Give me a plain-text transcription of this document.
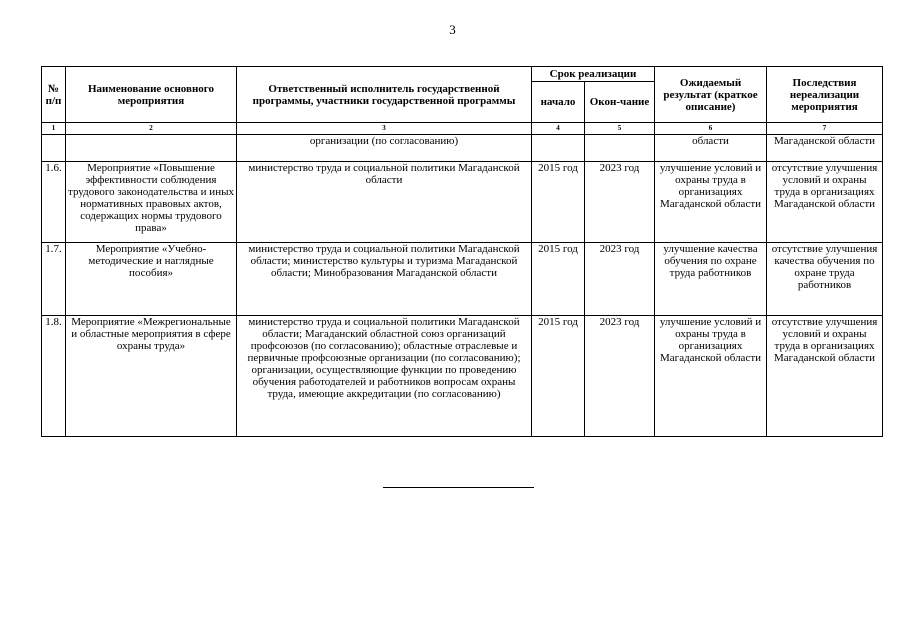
3
№ п/п	Наименование основного мероприятия	Ответственный исполнитель государственной программы, участники государственной программы	Срок реализации		Ожидаемый результат (краткое описание)	Последствия нереализации мероприятия
			начало	Окон-чание		
1	2	3	4	5	6	7
		организации (по согласованию)			области	Магаданской области
1.6.	Мероприятие «Повышение эффективности соблюдения трудового законодательства и иных нормативных правовых актов, содержащих нормы трудового права»	министерство труда и социальной политики Магаданской области	2015 год	2023 год	улучшение условий и охраны труда в организациях Магаданской области	отсутствие улучшения условий и охраны труда в организациях Магаданской области
1.7.	Мероприятие «Учебно-методические и наглядные пособия»	министерство труда и социальной политики Магаданской области; министерство культуры и туризма Магаданской области; Минобразования Магаданской области	2015 год	2023 год	улучшение качества обучения по охране труда работников	отсутствие улучшения качества обучения по охране труда работников
1.8.	Мероприятие «Межрегиональные и областные мероприятия в сфере охраны труда»	министерство труда и социальной политики Магаданской области; Магаданский областной союз организаций профсоюзов (по согласованию); областные отраслевые и первичные профсоюзные организации (по согласованию); организации, осуществляющие функции по проведению обучения работодателей и работников вопросам охраны труда, имеющие аккредитации (по согласованию)	2015 год	2023 год	улучшение условий и охраны труда в организациях Магаданской области	отсутствие улучшения условий и охраны труда в организациях Магаданской области
